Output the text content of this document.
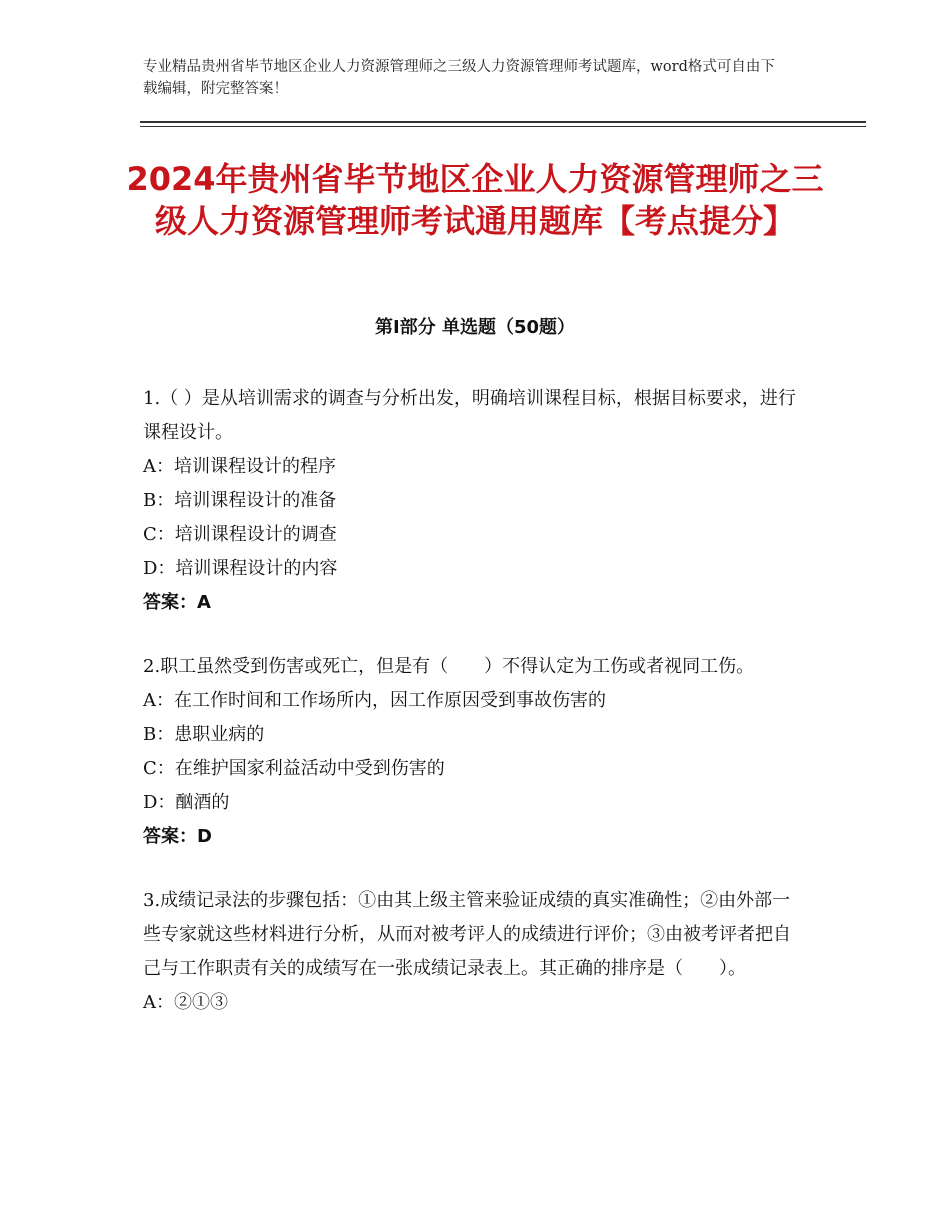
专业精品贵州省毕节地区企业人力资源管理师之三级人力资源管理师考试题库，word格式可自由下载编辑，附完整答案！
2024年贵州省毕节地区企业人力资源管理师之三级人力资源管理师考试通用题库【考点提分】
第Ⅰ部分 单选题（50题）

1.（ ）是从培训需求的调查与分析出发，明确培训课程目标，根据目标要求，进行课程设计。

A：培训课程设计的程序

B：培训课程设计的准备

C：培训课程设计的调查

D：培训课程设计的内容

答案：A

2.职工虽然受到伤害或死亡，但是有（　　）不得认定为工伤或者视同工伤。

A：在工作时间和工作场所内，因工作原因受到事故伤害的

B：患职业病的

C：在维护国家利益活动中受到伤害的

D：酗酒的

答案：D

3.成绩记录法的步骤包括：①由其上级主管来验证成绩的真实准确性；②由外部一些专家就这些材料进行分析，从而对被考评人的成绩进行评价；③由被考评者把自己与工作职责有关的成绩写在一张成绩记录表上。其正确的排序是（　　）。

A：②①③
